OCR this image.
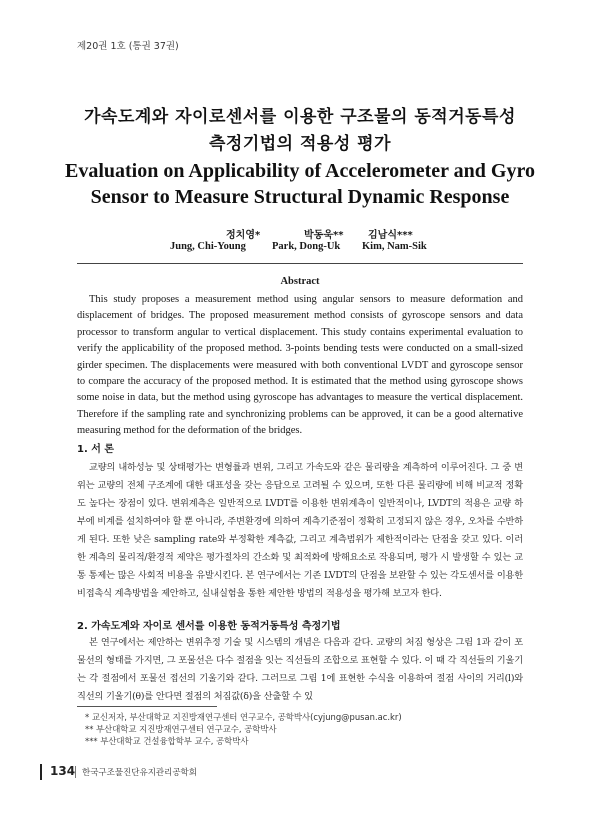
제20권 1호 (통권 37권)
가속도계와 자이로센서를 이용한 구조물의 동적거동특성
측정기법의 적용성 평가
Evaluation on Applicability of Accelerometer and Gyro
Sensor to Measure Structural Dynamic Response
정치영*	박동욱** 김남식***
Jung, Chi-Young Park, Dong-Uk Kim, Nam-Sik
Abstract

This study proposes a measurement method using angular sensors to measure deformation and displacement of bridges. The proposed measurement method consists of gyroscope sensors and data processor to transform angular to vertical displacement. This study contains experimental evaluation to verify the applicability of the proposed method. 3-points bending tests were conducted on a small-sized girder specimen. The displacements were measured with both conventional LVDT and gyroscope sensor to compare the accuracy of the proposed method. It is estimated that the method using gyroscope shows some noise in data, but the method using gyroscope has advantages to measure the vertical displacement. Therefore if the sampling rate and synchronizing problems can be approved, it can be a good alternative measuring method for the deformation of the bridges.

1. 서 론

교량의 내하성능 및 상태평가는 변형률과 변위, 그리고 가속도와 같은 물리량을 계측하여 이루어진다. 그 중 변위는 교량의 전체 구조계에 대한 대표성을 갖는 응답으로 고려될 수 있으며, 또한 다른 물리량에 비해 비교적 정확도 높다는 장점이 있다. 변위계측은 일반적으로 LVDT를 이용한 변위계측이 일반적이나, LVDT의 적용은 교량 하부에 비계를 설치하여야 할 뿐 아니라, 주변환경에 의하여 계측기준점이 정확히 고정되지 않은 경우, 오차를 수반하게 된다. 또한 낮은 sampling rate와 부정확한 계측값, 그리고 계측범위가 제한적이라는 단점을 갖고 있다. 이러한 계측의 물리적/환경적 제약은 평가절차의 간소화 및 최적화에 방해요소로 작용되며, 평가 시 발생할 수 있는 교통 통제는 많은 사회적 비용을 유발시킨다. 본 연구에서는 기존 LVDT의 단점을 보완할 수 있는 각도센서를 이용한 비접촉식 계측방법을 제안하고, 실내실험을 통한 제안한 방법의 적용성을 평가해 보고자 한다.

2. 가속도계와 자이로 센서를 이용한 동적거동특성 측정기법

본 연구에서는 제안하는 변위추정 기술 및 시스템의 개념은 다음과 같다. 교량의 처짐 형상은 그림 1과 같이 포물선의 형태를 가지면, 그 포물선은 다수 절점을 잇는 직선들의 조합으로 표현할 수 있다. 이 때 각 직선들의 기울기는 각 절점에서 포물선 접선의 기울기와 같다. 그러므로 그림 1에 표현한 수식을 이용하여 절점 사이의 거리(l)와 직선의 기울기(θ)를 안다면 절점의 처짐값(δ)을 산출할 수 있

* 교신저자, 부산대학교 지진방재연구센터 연구교수, 공학박사(cyjung@pusan.ac.kr)
** 부산대학교 지진방재연구센터 연구교수, 공학박사
*** 부산대학교 건설융합학부 교수, 공학박사
134 한국구조물진단유지관리공학회
